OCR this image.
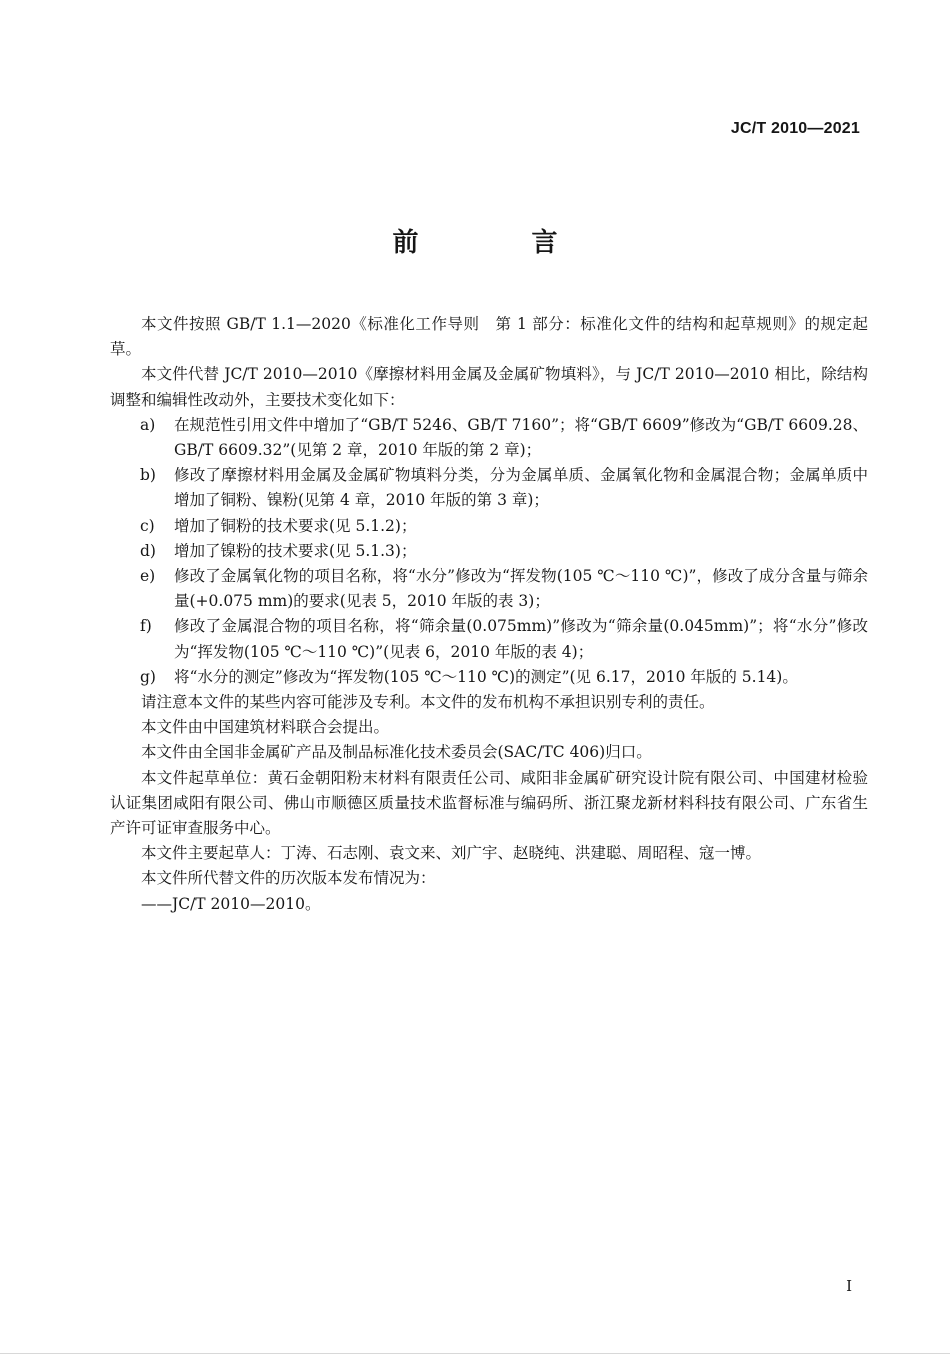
JC/T 2010—2021
前 言

本文件按照 GB/T 1.1—2020《标准化工作导则　第 1 部分：标准化文件的结构和起草规则》的规定起草。

本文件代替 JC/T 2010—2010《摩擦材料用金属及金属矿物填料》，与 JC/T 2010—2010 相比，除结构调整和编辑性改动外，主要技术变化如下：

a)	在规范性引用文件中增加了“GB/T 5246、GB/T 7160”；将“GB/T 6609”修改为“GB/T 6609.28、GB/T 6609.32”(见第 2 章，2010 年版的第 2 章)；
b)	修改了摩擦材料用金属及金属矿物填料分类，分为金属单质、金属氧化物和金属混合物；金属单质中增加了铜粉、镍粉(见第 4 章，2010 年版的第 3 章)；
c)	增加了铜粉的技术要求(见 5.1.2)；
d)	增加了镍粉的技术要求(见 5.1.3)；
e)	修改了金属氧化物的项目名称，将“水分”修改为“挥发物(105 ℃～110 ℃)”，修改了成分含量与筛余量(+0.075 mm)的要求(见表 5，2010 年版的表 3)；
f)	修改了金属混合物的项目名称，将“筛余量(0.075mm)”修改为“筛余量(0.045mm)”；将“水分”修改为“挥发物(105 ℃～110 ℃)”(见表 6，2010 年版的表 4)；
g)	将“水分的测定”修改为“挥发物(105 ℃～110 ℃)的测定”(见 6.17，2010 年版的 5.14)。

请注意本文件的某些内容可能涉及专利。本文件的发布机构不承担识别专利的责任。

本文件由中国建筑材料联合会提出。

本文件由全国非金属矿产品及制品标准化技术委员会(SAC/TC 406)归口。

本文件起草单位：黄石金朝阳粉末材料有限责任公司、咸阳非金属矿研究设计院有限公司、中国建材检验认证集团咸阳有限公司、佛山市顺德区质量技术监督标准与编码所、浙江聚龙新材料科技有限公司、广东省生产许可证审查服务中心。

本文件主要起草人：丁涛、石志刚、袁文来、刘广宇、赵晓纯、洪建聪、周昭程、寇一博。

本文件所代替文件的历次版本发布情况为：

——JC/T 2010—2010。

I
